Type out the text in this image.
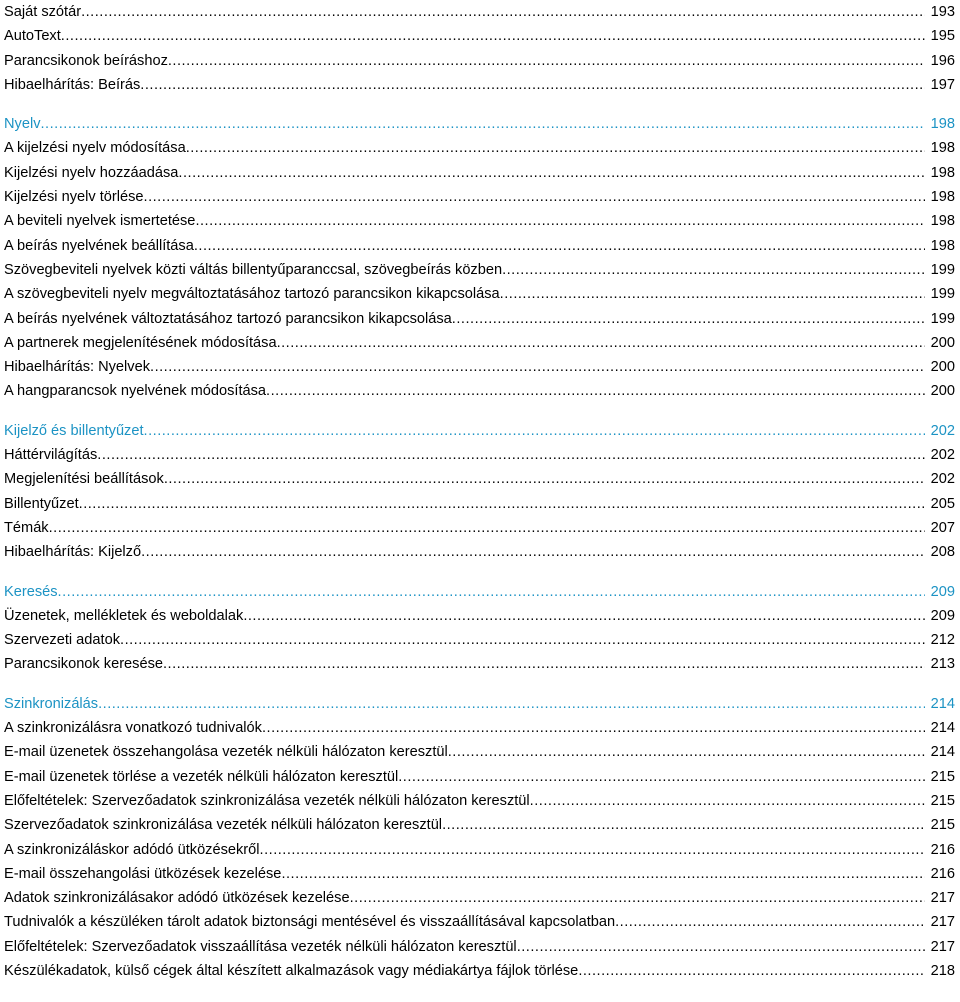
Saját szótár .....	193
AutoText .....	195
Parancsikonok beíráshoz .....	196
Hibaelhárítás: Beírás .....	197
Nyelv .....	198
A kijelzési nyelv módosítása .....	198
Kijelzési nyelv hozzáadása .....	198
Kijelzési nyelv törlése .....	198
A beviteli nyelvek ismertetése .....	198
A beírás nyelvének beállítása .....	198
Szövegbeviteli nyelvek közti váltás billentyűparanccsal, szövegbeírás közben .....	199
A szövegbeviteli nyelv megváltoztatásához tartozó parancsikon kikapcsolása .....	199
A beírás nyelvének változtatásához tartozó parancsikon kikapcsolása .....	199
A partnerek megjelenítésének módosítása .....	200
Hibaelhárítás: Nyelvek .....	200
A hangparancsok nyelvének módosítása .....	200
Kijelző és billentyűzet .....	202
Háttérvilágítás .....	202
Megjelenítési beállítások .....	202
Billentyűzet .....	205
Témák .....	207
Hibaelhárítás: Kijelző .....	208
Keresés .....	209
Üzenetek, mellékletek és weboldalak .....	209
Szervezeti adatok .....	212
Parancsikonok keresése .....	213
Szinkronizálás .....	214
A szinkronizálásra vonatkozó tudnivalók .....	214
E-mail üzenetek összehangolása vezeték nélküli hálózaton keresztül .....	214
E-mail üzenetek törlése a vezeték nélküli hálózaton keresztül .....	215
Előfeltételek: Szervezőadatok szinkronizálása vezeték nélküli hálózaton keresztül .....	215
Szervezőadatok szinkronizálása vezeték nélküli hálózaton keresztül .....	215
A szinkronizáláskor adódó ütközésekről .....	216
E-mail összehangolási ütközések kezelése .....	216
Adatok szinkronizálásakor adódó ütközések kezelése .....	217
Tudnivalók a készüléken tárolt adatok biztonsági mentésével és visszaállításával kapcsolatban .....	217
Előfeltételek: Szervezőadatok visszaállítása vezeték nélküli hálózaton keresztül .....	217
Készülékadatok, külső cégek által készített alkalmazások vagy médiakártya fájlok törlése .....	218
